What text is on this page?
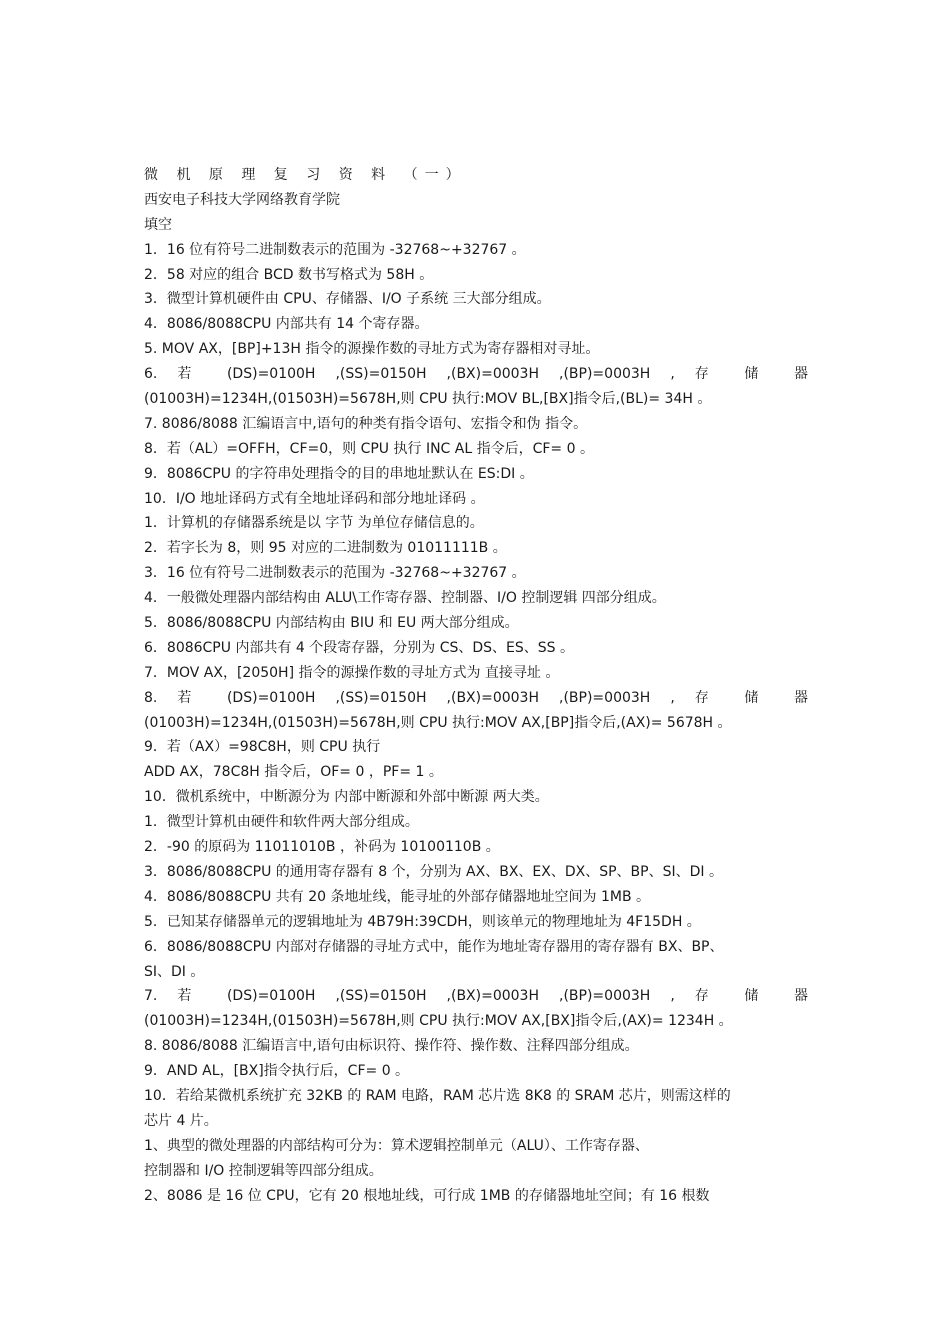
微 机 原 理 复 习 资 料 （一）
西安电子科技大学网络教育学院
填空
1．16 位有符号二进制数表示的范围为 -32768~+32767 。
2．58 对应的组合 BCD 数书写格式为 58H 。
3．微型计算机硬件由 CPU、存储器、I/O 子系统 三大部分组成。
4．8086/8088CPU 内部共有 14 个寄存器。
5. MOV AX，[BP]+13H 指令的源操作数的寻址方式为寄存器相对寻址。
6. 若 (DS)=0100H ,(SS)=0150H ,(BX)=0003H ,(BP)=0003H , 存 储 器
(01003H)=1234H,(01503H)=5678H,则 CPU 执行:MOV BL,[BX]指令后,(BL)= 34H 。
7. 8086/8088 汇编语言中,语句的种类有指令语句、宏指令和伪 指令。
8．若（AL）=OFFH，CF=0，则 CPU 执行 INC AL 指令后，CF= 0 。
9．8086CPU 的字符串处理指令的目的串地址默认在 ES:DI 。
10．I/O 地址译码方式有全地址译码和部分地址译码 。
1．计算机的存储器系统是以 字节 为单位存储信息的。
2．若字长为 8，则 95 对应的二进制数为 01011111B 。
3．16 位有符号二进制数表示的范围为 -32768~+32767 。
4．一般微处理器内部结构由 ALU\工作寄存器、控制器、I/O 控制逻辑 四部分组成。
5．8086/8088CPU 内部结构由 BIU 和 EU 两大部分组成。
6．8086CPU 内部共有 4 个段寄存器，分别为 CS、DS、ES、SS 。
7．MOV AX，[2050H] 指令的源操作数的寻址方式为 直接寻址 。
8. 若 (DS)=0100H ,(SS)=0150H ,(BX)=0003H ,(BP)=0003H , 存 储 器
(01003H)=1234H,(01503H)=5678H,则 CPU 执行:MOV AX,[BP]指令后,(AX)= 5678H 。
9．若（AX）=98C8H，则 CPU 执行
ADD AX，78C8H 指令后，OF= 0 ，PF= 1 。
10．微机系统中，中断源分为 内部中断源和外部中断源 两大类。
1．微型计算机由硬件和软件两大部分组成。
2．-90 的原码为 11011010B ，补码为 10100110B 。
3．8086/8088CPU 的通用寄存器有 8 个，分别为 AX、BX、EX、DX、SP、BP、SI、DI 。
4．8086/8088CPU 共有 20 条地址线，能寻址的外部存储器地址空间为 1MB 。
5．已知某存储器单元的逻辑地址为 4B79H:39CDH，则该单元的物理地址为 4F15DH 。
6．8086/8088CPU 内部对存储器的寻址方式中，能作为地址寄存器用的寄存器有 BX、BP、
SI、DI 。
7. 若 (DS)=0100H ,(SS)=0150H ,(BX)=0003H ,(BP)=0003H , 存 储 器
(01003H)=1234H,(01503H)=5678H,则 CPU 执行:MOV AX,[BX]指令后,(AX)= 1234H 。
8. 8086/8088 汇编语言中,语句由标识符、操作符、操作数、注释四部分组成。
9．AND AL，[BX]指令执行后，CF= 0 。
10．若给某微机系统扩充 32KB 的 RAM 电路，RAM 芯片选 8K8 的 SRAM 芯片，则需这样的
芯片 4 片。
1、典型的微处理器的内部结构可分为：算术逻辑控制单元（ALU）、工作寄存器、
控制器和 I/O 控制逻辑等四部分组成。
2、8086 是 16 位 CPU，它有 20 根地址线，可行成 1MB 的存储器地址空间；有 16 根数
